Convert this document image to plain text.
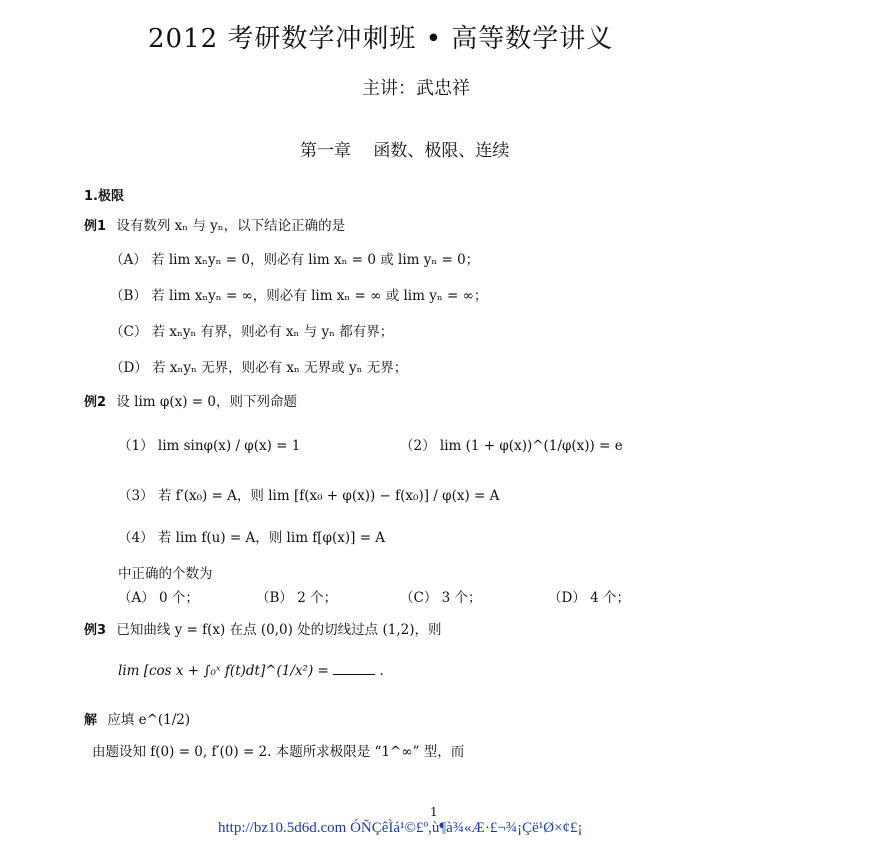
2012 考研数学冲刺班 • 高等数学讲义
主讲：武忠祥
第一章　 函数、极限、连续
1.极限
例1 设有数列 xₙ 与 yₙ，以下结论正确的是
（A） 若 lim xₙyₙ = 0，则必有 lim xₙ = 0 或 lim yₙ = 0；
（B） 若 lim xₙyₙ = ∞，则必有 lim xₙ = ∞ 或 lim yₙ = ∞；
（C） 若 xₙyₙ 有界，则必有 xₙ 与 yₙ 都有界；
（D） 若 xₙyₙ 无界，则必有 xₙ 无界或 yₙ 无界；
例2 设 lim φ(x) = 0，则下列命题
（1） lim sinφ(x) / φ(x) = 1	（2） lim (1 + φ(x))^(1/φ(x)) = e
（3） 若 f′(x₀) = A，则 lim [f(x₀ + φ(x)) − f(x₀)] / φ(x) = A
（4） 若 lim f(u) = A，则 lim f[φ(x)] = A
中正确的个数为
（A） 0 个；	（B） 2 个；	（C） 3 个；	（D） 4 个；
例3 已知曲线 y = f(x) 在点 (0,0) 处的切线过点 (1,2)，则
lim [cos x + ∫₀ˣ f(t)dt]^(1/x²) =	.
解 应填 e^(1/2)
由题设知 f(0) = 0, f′(0) = 2. 本题所求极限是 “1^∞” 型，而
1
http://bz10.5d6d.com ÓÑÇêÌá¹©£º,ù¶à¾«Æ·£¬¾¡Çë¹Ø×¢£¡
